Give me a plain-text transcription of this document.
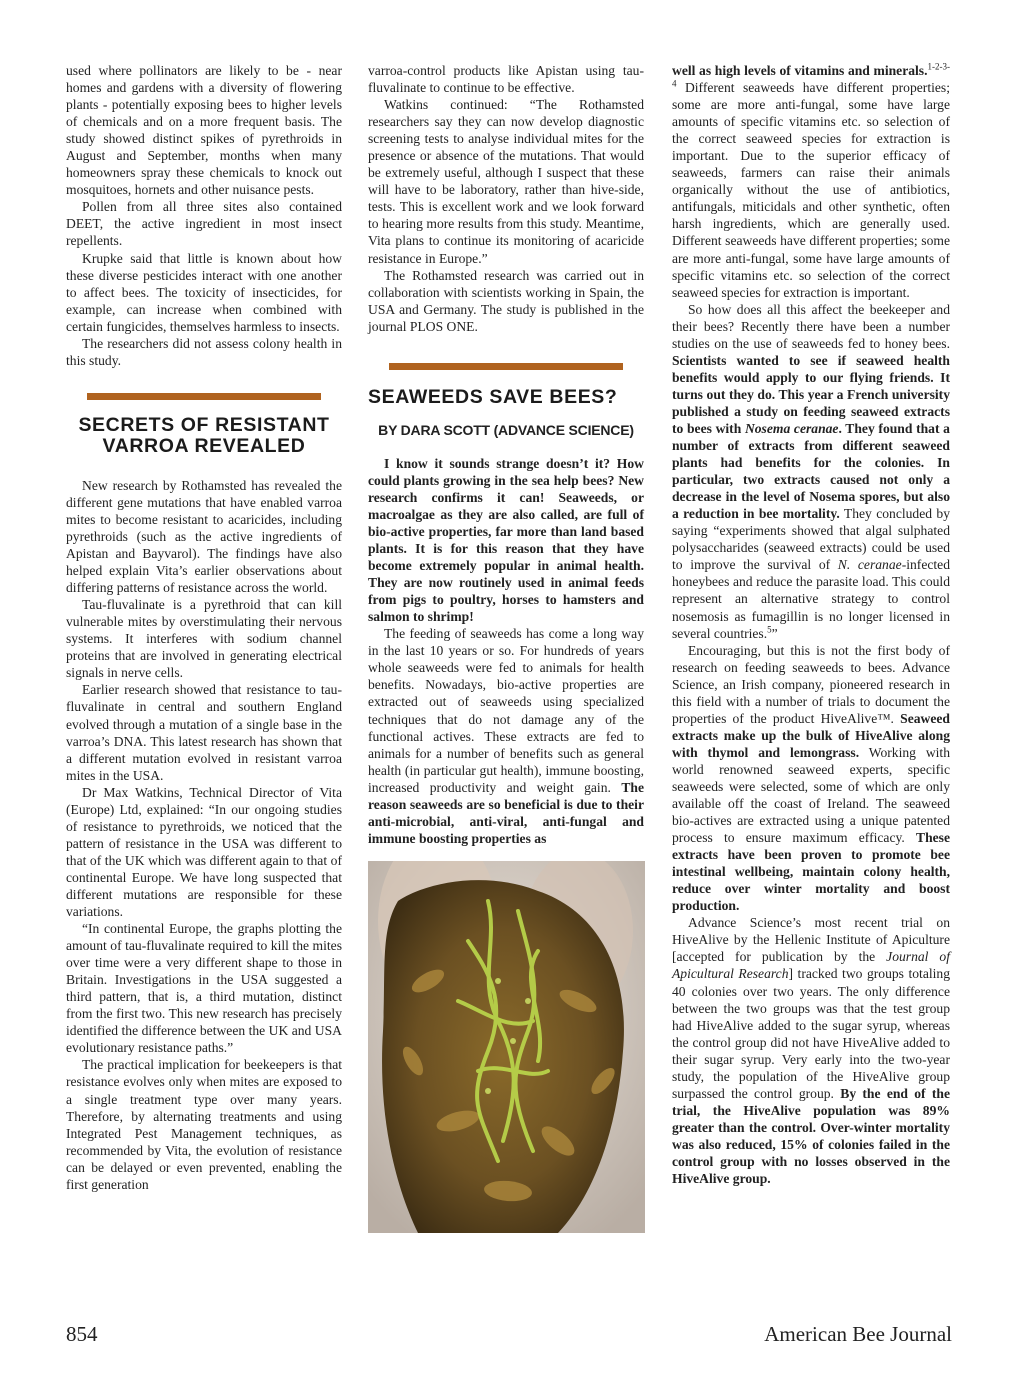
used where pollinators are likely to be - near homes and gardens with a diversity of flowering plants - potentially exposing bees to higher levels of chemicals and on a more frequent basis. The study showed distinct spikes of pyrethroids in August and September, months when many homeowners spray these chemicals to knock out mosquitoes, hornets and other nuisance pests.

Pollen from all three sites also contained DEET, the active ingredient in most insect repellents.

Krupke said that little is known about how these diverse pesticides interact with one another to affect bees. The toxicity of insecticides, for example, can increase when combined with certain fungicides, themselves harmless to insects.

The researchers did not assess colony health in this study.

SECRETS OF RESISTANT VARROA REVEALED

New research by Rothamsted has revealed the different gene mutations that have enabled varroa mites to become resistant to acaricides, including pyrethroids (such as the active ingredients of Apistan and Bayvarol). The findings have also helped explain Vita’s earlier observations about differing patterns of resistance across the world.

Tau-fluvalinate is a pyrethroid that can kill vulnerable mites by overstimulating their nervous systems. It interferes with sodium channel proteins that are involved in generating electrical signals in nerve cells.

Earlier research showed that resistance to tau-fluvalinate in central and southern England evolved through a mutation of a single base in the varroa’s DNA. This latest research has shown that a different mutation evolved in resistant varroa mites in the USA.

Dr Max Watkins, Technical Director of Vita (Europe) Ltd, explained: “In our ongoing studies of resistance to pyrethroids, we noticed that the pattern of resistance in the USA was different to that of the UK which was different again to that of continental Europe. We have long suspected that different mutations are responsible for these variations.

“In continental Europe, the graphs plotting the amount of tau-fluvalinate required to kill the mites over time were a very different shape to those in Britain. Investigations in the USA suggested a third pattern, that is, a third mutation, distinct from the first two. This new research has precisely identified the difference between the UK and USA evolutionary resistance paths.”

The practical implication for beekeepers is that resistance evolves only when mites are exposed to a single treatment type over many years. Therefore, by alternating treatments and using Integrated Pest Management techniques, as recommended by Vita, the evolution of resistance can be delayed or even prevented, enabling the first generation

varroa-control products like Apistan using tau-fluvalinate to continue to be effective.

Watkins continued: “The Rothamsted researchers say they can now develop diagnostic screening tests to analyse individual mites for the presence or absence of the mutations. That would be extremely useful, although I suspect that these will have to be laboratory, rather than hive-side, tests. This is excellent work and we look forward to hearing more results from this study. Meantime, Vita plans to continue its monitoring of acaricide resistance in Europe.”

The Rothamsted research was carried out in collaboration with scientists working in Spain, the USA and Germany. The study is published in the journal PLOS ONE.

SEAWEEDS SAVE BEES?
BY DARA SCOTT (ADVANCE SCIENCE)

I know it sounds strange doesn’t it? How could plants growing in the sea help bees? New research confirms it can! Seaweeds, or macroalgae as they are also called, are full of bio-active properties, far more than land based plants. It is for this reason that they have become extremely popular in animal health. They are now routinely used in animal feeds from pigs to poultry, horses to hamsters and salmon to shrimp!

The feeding of seaweeds has come a long way in the last 10 years or so. For hundreds of years whole seaweeds were fed to animals for health benefits. Nowadays, bio-active properties are extracted out of seaweeds using specialized techniques that do not damage any of the functional actives. These extracts are fed to animals for a number of benefits such as general health (in particular gut health), immune boosting, increased productivity and weight gain. The reason seaweeds are so beneficial is due to their anti-microbial, anti-viral, anti-fungal and immune boosting properties as

well as high levels of vitamins and minerals.$^{1-2-3-4}$ Different seaweeds have different properties; some are more anti-fungal, some have large amounts of specific vitamins etc. so selection of the correct seaweed species for extraction is important. Due to the superior efficacy of seaweeds, farmers can raise their animals organically without the use of antibiotics, antifungals, miticidals and other synthetic, often harsh ingredients, which are generally used. Different seaweeds have different properties; some are more anti-fungal, some have large amounts of specific vitamins etc. so selection of the correct seaweed species for extraction is important.

So how does all this affect the beekeeper and their bees? Recently there have been a number studies on the use of seaweeds fed to honey bees. Scientists wanted to see if seaweed health benefits would apply to our flying friends. It turns out they do. This year a French university published a study on feeding seaweed extracts to bees with Nosema ceranae. They found that a number of extracts from different seaweed plants had benefits for the colonies. In particular, two extracts caused not only a decrease in the level of Nosema spores, but also a reduction in bee mortality. They concluded by saying “experiments showed that algal sulphated polysaccharides (seaweed extracts) could be used to improve the survival of N. ceranae-infected honeybees and reduce the parasite load. This could represent an alternative strategy to control nosemosis as fumagillin is no longer licensed in several countries.$^5$”

Encouraging, but this is not the first body of research on feeding seaweeds to bees. Advance Science, an Irish company, pioneered research in this field with a number of trials to document the properties of the product HiveAlive™. Seaweed extracts make up the bulk of HiveAlive along with thymol and lemongrass. Working with world renowned seaweed experts, specific seaweeds were selected, some of which are only available off the coast of Ireland. The seaweed bio-actives are extracted using a unique patented process to ensure maximum efficacy. These extracts have been proven to promote bee intestinal wellbeing, maintain colony health, reduce over winter mortality and boost production.

Advance Science’s most recent trial on HiveAlive by the Hellenic Institute of Apiculture [accepted for publication by the Journal of Apicultural Research] tracked two groups totaling 40 colonies over two years. The only difference between the two groups was that the test group had HiveAlive added to the sugar syrup, whereas the control group did not have HiveAlive added to their sugar syrup. Very early into the two-year study, the population of the HiveAlive group surpassed the control group. By the end of the trial, the HiveAlive population was 89% greater than the control. Over-winter mortality was also reduced, 15% of colonies failed in the control group with no losses observed in the HiveAlive group.

854	American Bee Journal
